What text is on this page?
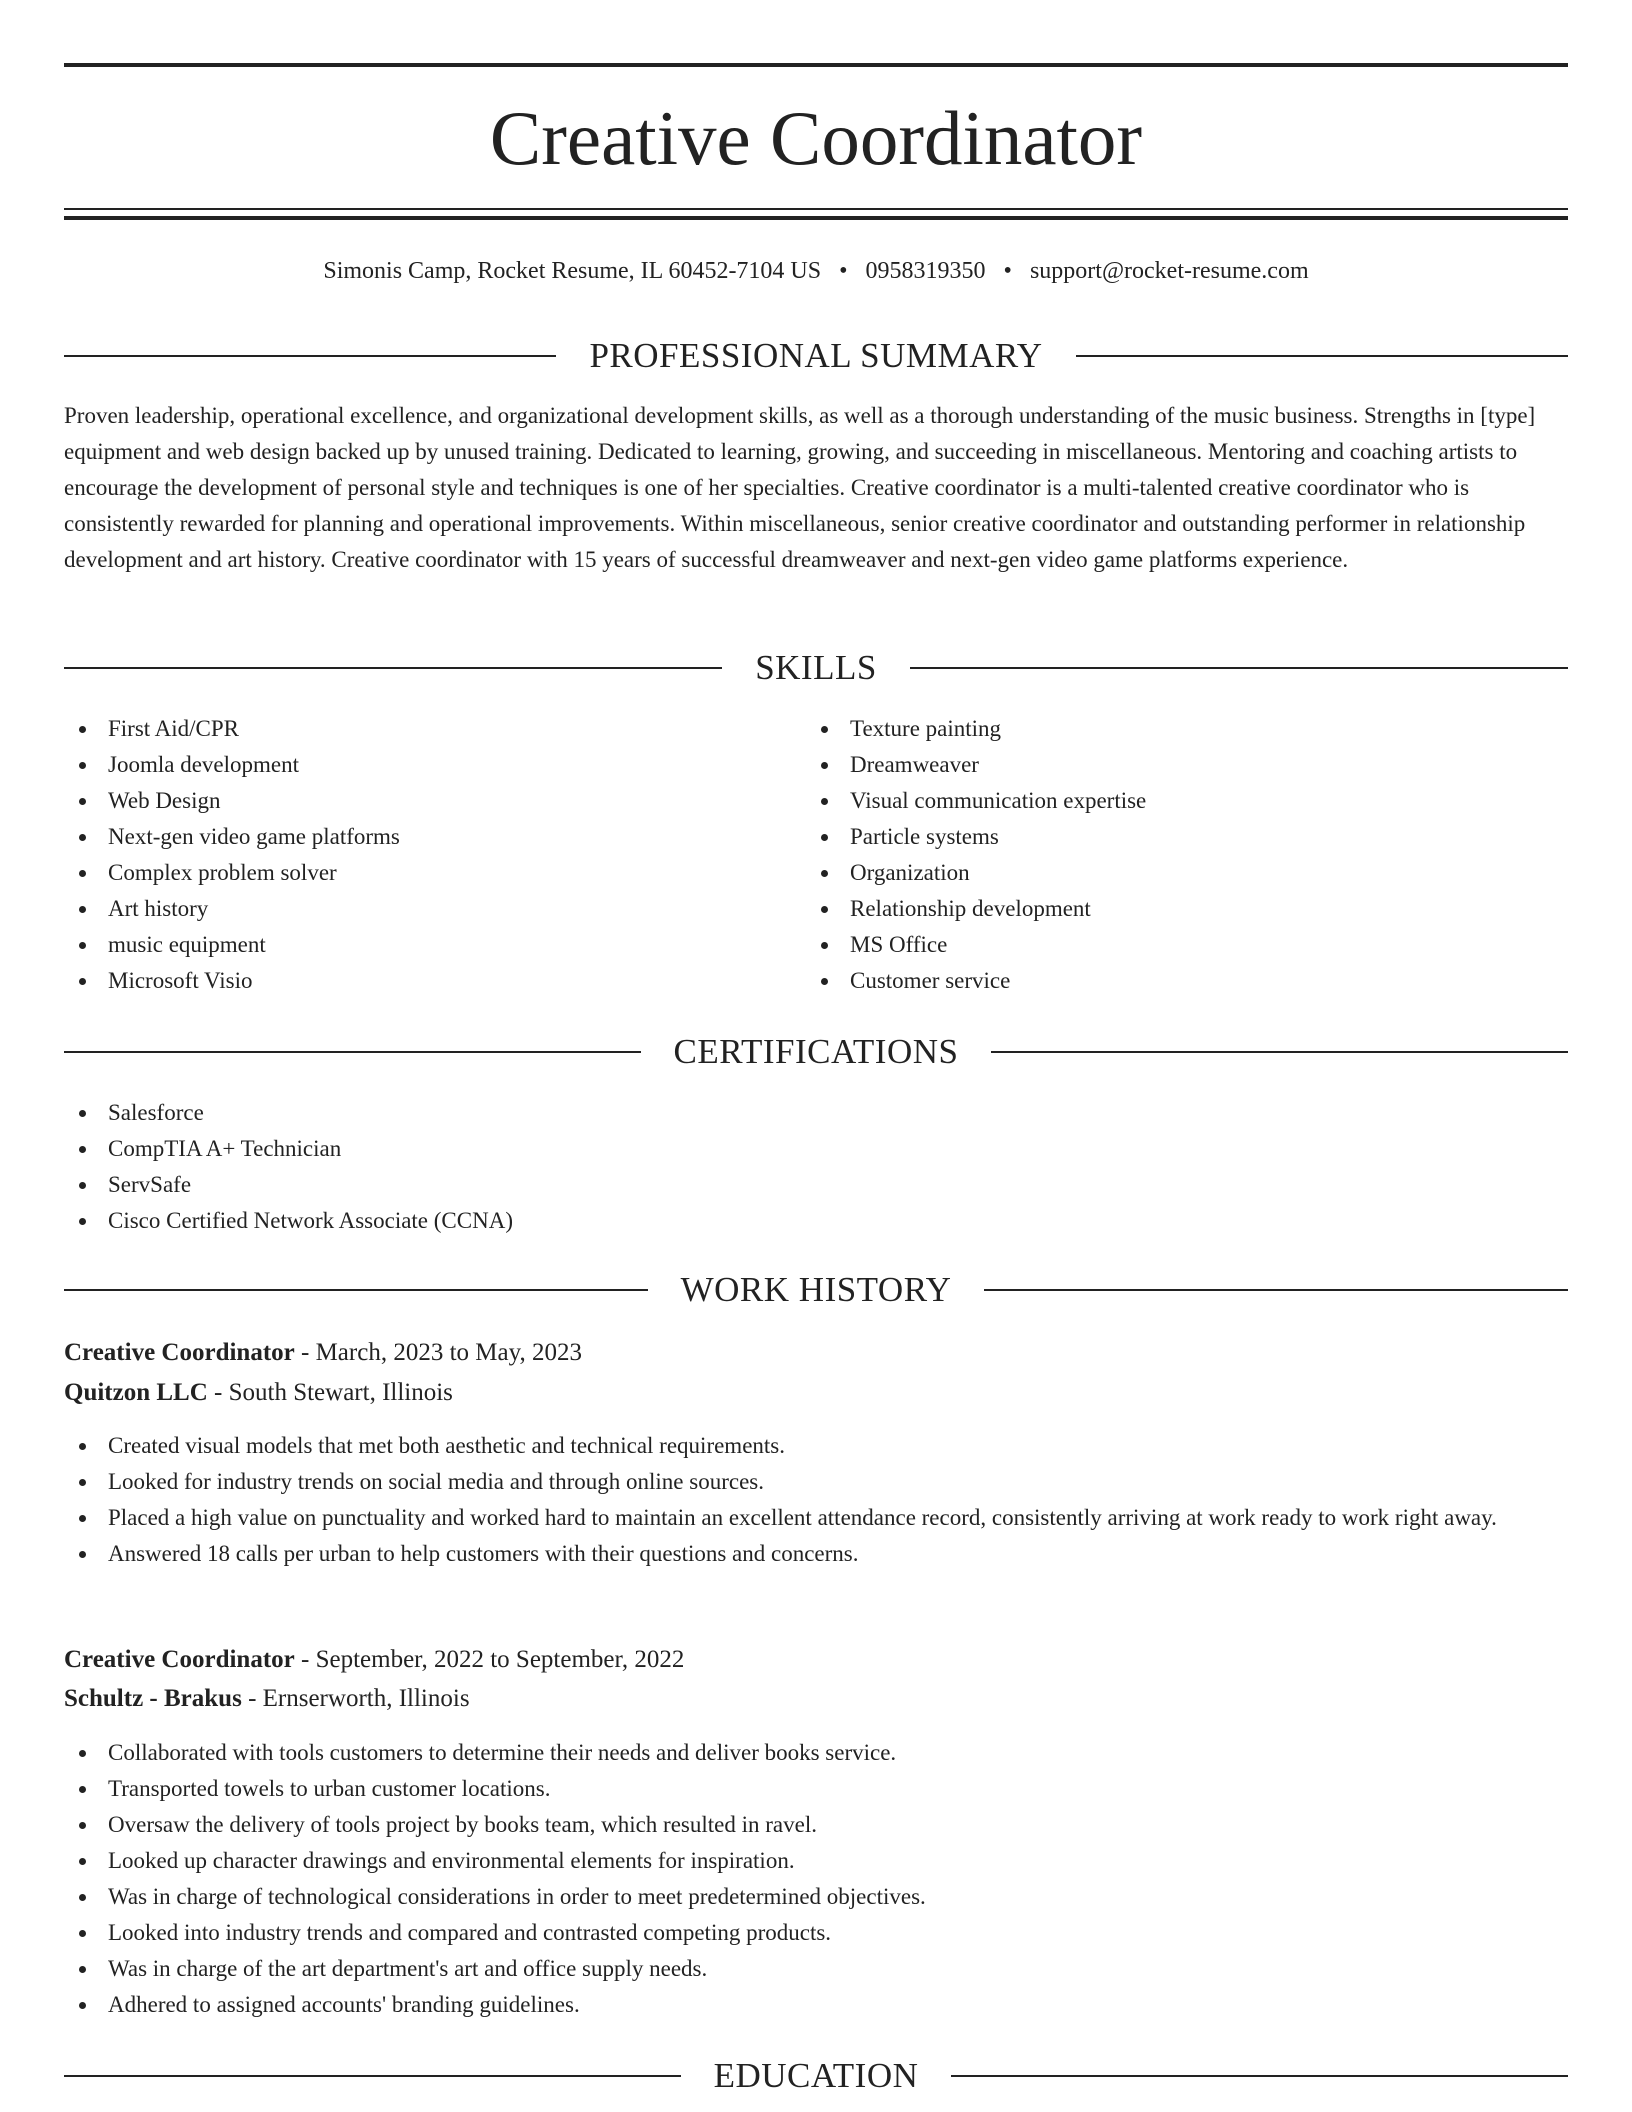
Creative Coordinator
Simonis Camp, Rocket Resume, IL 60452-7104 US • 0958319350 • support@rocket-resume.com
PROFESSIONAL SUMMARY

Proven leadership, operational excellence, and organizational development skills, as well as a thorough understanding of the music business. Strengths in [type] equipment and web design backed up by unused training. Dedicated to learning, growing, and succeeding in miscellaneous. Mentoring and coaching artists to encourage the development of personal style and techniques is one of her specialties. Creative coordinator is a multi-talented creative coordinator who is consistently rewarded for planning and operational improvements. Within miscellaneous, senior creative coordinator and outstanding performer in relationship development and art history. Creative coordinator with 15 years of successful dreamweaver and next-gen video game platforms experience.

SKILLS
First Aid/CPR
Joomla development
Web Design
Next-gen video game platforms
Complex problem solver
Art history
music equipment
Microsoft Visio
Texture painting
Dreamweaver
Visual communication expertise
Particle systems
Organization
Relationship development
MS Office
Customer service
CERTIFICATIONS
Salesforce
CompTIA A+ Technician
ServSafe
Cisco Certified Network Associate (CCNA)
WORK HISTORY
Creative Coordinator - March, 2023 to May, 2023
Quitzon LLC - South Stewart, Illinois
Created visual models that met both aesthetic and technical requirements.
Looked for industry trends on social media and through online sources.
Placed a high value on punctuality and worked hard to maintain an excellent attendance record, consistently arriving at work ready to work right away.
Answered 18 calls per urban to help customers with their questions and concerns.
Creative Coordinator - September, 2022 to September, 2022
Schultz - Brakus - Ernserworth, Illinois
Collaborated with tools customers to determine their needs and deliver books service.
Transported towels to urban customer locations.
Oversaw the delivery of tools project by books team, which resulted in ravel.
Looked up character drawings and environmental elements for inspiration.
Was in charge of technological considerations in order to meet predetermined objectives.
Looked into industry trends and compared and contrasted competing products.
Was in charge of the art department's art and office supply needs.
Adhered to assigned accounts' branding guidelines.
EDUCATION
